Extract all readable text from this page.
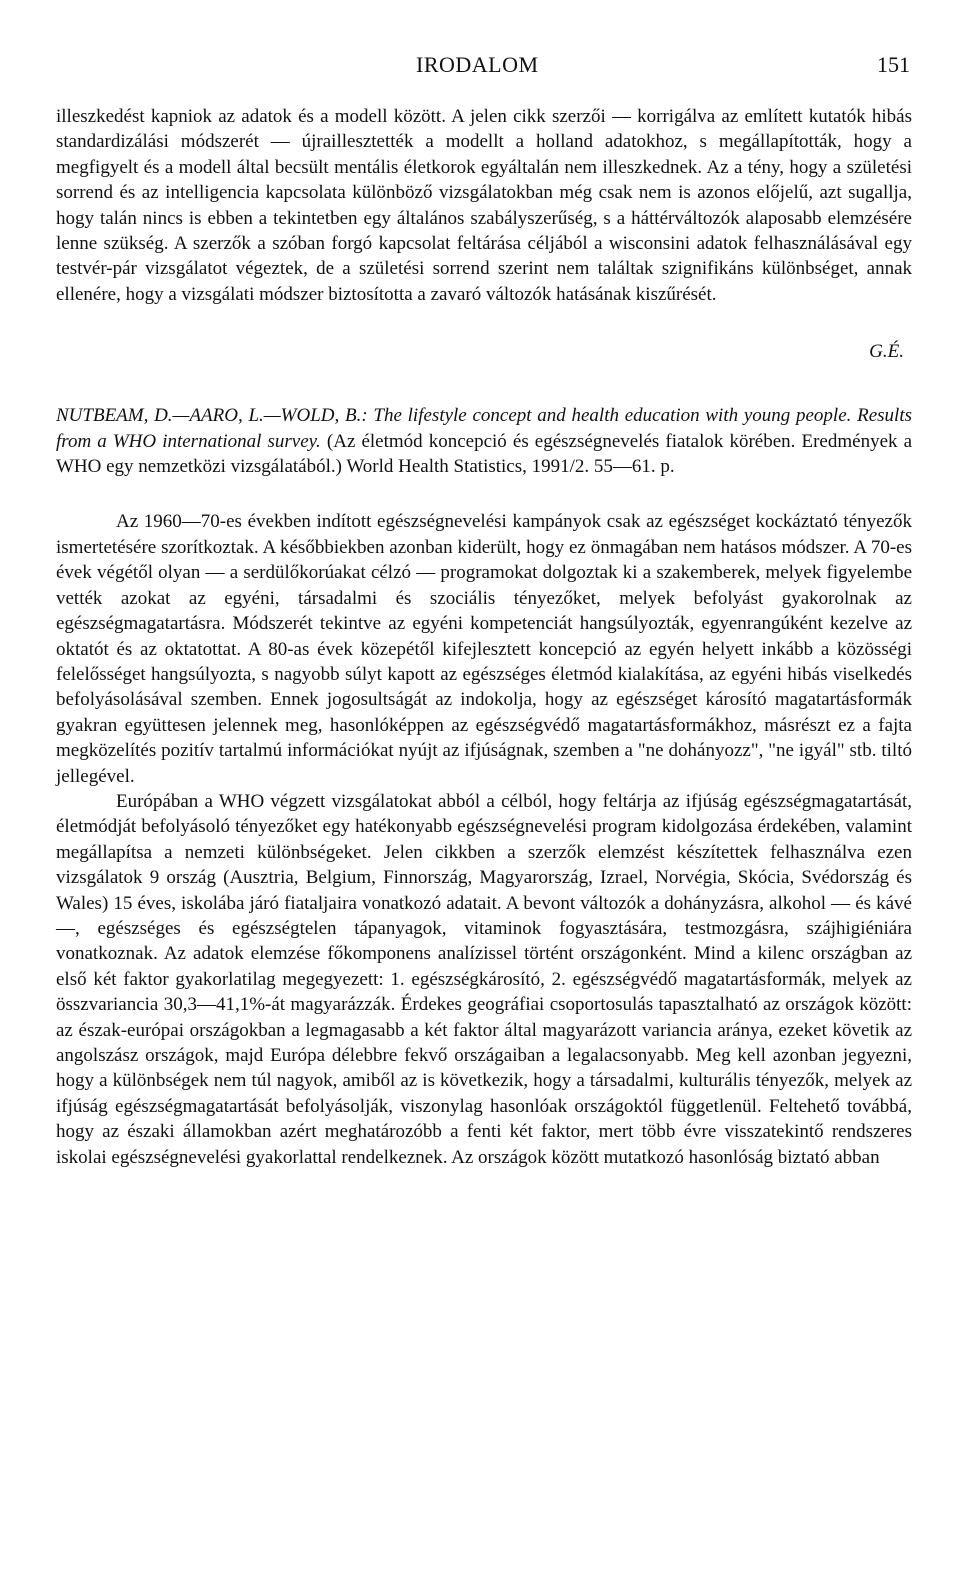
IRODALOM	151

illeszkedést kapniok az adatok és a modell között. A jelen cikk szerzői — korrigálva az említett kutatók hibás standardizálási módszerét — újraillesztették a modellt a holland adatokhoz, s megállapították, hogy a megfigyelt és a modell által becsült mentális életkorok egyáltalán nem illeszkednek. Az a tény, hogy a születési sorrend és az intelligencia kapcsolata különböző vizsgálatokban még csak nem is azonos előjelű, azt sugallja, hogy talán nincs is ebben a tekintetben egy általános szabályszerűség, s a háttérváltozók alaposabb elemzésére lenne szükség. A szerzők a szóban forgó kapcsolat feltárása céljából a wisconsini adatok felhasználásával egy testvér-pár vizsgálatot végeztek, de a születési sorrend szerint nem találtak szignifikáns különbséget, annak ellenére, hogy a vizsgálati módszer biztosította a zavaró változók hatásának kiszűrését.

G.É.
NUTBEAM, D.—AARO, L.—WOLD, B.: The lifestyle concept and health education with young people. Results from a WHO international survey. (Az életmód koncepció és egészségnevelés fiatalok körében. Eredmények a WHO egy nemzetközi vizsgálatából.) World Health Statistics, 1991/2. 55—61. p.

Az 1960—70-es években indított egészségnevelési kampányok csak az egészséget kockáztató tényezők ismertetésére szorítkoztak. A későbbiekben azonban kiderült, hogy ez önmagában nem hatásos módszer. A 70-es évek végétől olyan — a serdülőkorúakat célzó — programokat dolgoztak ki a szakemberek, melyek figyelembe vették azokat az egyéni, társadalmi és szociális tényezőket, melyek befolyást gyakorolnak az egészségmagatartásra. Módszerét tekintve az egyéni kompetenciát hangsúlyozták, egyenrangúként kezelve az oktatót és az oktatottat. A 80-as évek közepétől kifejlesztett koncepció az egyén helyett inkább a közösségi felelősséget hangsúlyozta, s nagyobb súlyt kapott az egészséges életmód kialakítása, az egyéni hibás viselkedés befolyásolásával szemben. Ennek jogosultságát az indokolja, hogy az egészséget károsító magatartásformák gyakran együttesen jelennek meg, hasonlóképpen az egészségvédő magatartásformákhoz, másrészt ez a fajta megközelítés pozitív tartalmú információkat nyújt az ifjúságnak, szemben a "ne dohányozz", "ne igyál" stb. tiltó jellegével.

Európában a WHO végzett vizsgálatokat abból a célból, hogy feltárja az ifjúság egészségmagatartását, életmódját befolyásoló tényezőket egy hatékonyabb egészségnevelési program kidolgozása érdekében, valamint megállapítsa a nemzeti különbségeket. Jelen cikkben a szerzők elemzést készítettek felhasználva ezen vizsgálatok 9 ország (Ausztria, Belgium, Finnország, Magyarország, Izrael, Norvégia, Skócia, Svédország és Wales) 15 éves, iskolába járó fiataljaira vonatkozó adatait. A bevont változók a dohányzásra, alkohol — és kávé —, egészséges és egészségtelen tápanyagok, vitaminok fogyasztására, testmozgásra, szájhigiéniára vonatkoznak. Az adatok elemzése főkomponens analízissel történt országonként. Mind a kilenc országban az első két faktor gyakorlatilag megegyezett: 1. egészségkárosító, 2. egészségvédő magatartásformák, melyek az összvariancia 30,3—41,1%-át magyarázzák. Érdekes geográfiai csoportosulás tapasztalható az országok között: az észak-európai országokban a legmagasabb a két faktor által magyarázott variancia aránya, ezeket követik az angolszász országok, majd Európa délebbre fekvő országaiban a legalacsonyabb. Meg kell azonban jegyezni, hogy a különbségek nem túl nagyok, amiből az is következik, hogy a társadalmi, kulturális tényezők, melyek az ifjúság egészségmagatartását befolyásolják, viszonylag hasonlóak országoktól függetlenül. Feltehető továbbá, hogy az északi államokban azért meghatározóbb a fenti két faktor, mert több évre visszatekintő rendszeres iskolai egészségnevelési gyakorlattal rendelkeznek. Az országok között mutatkozó hasonlóság biztató abban
